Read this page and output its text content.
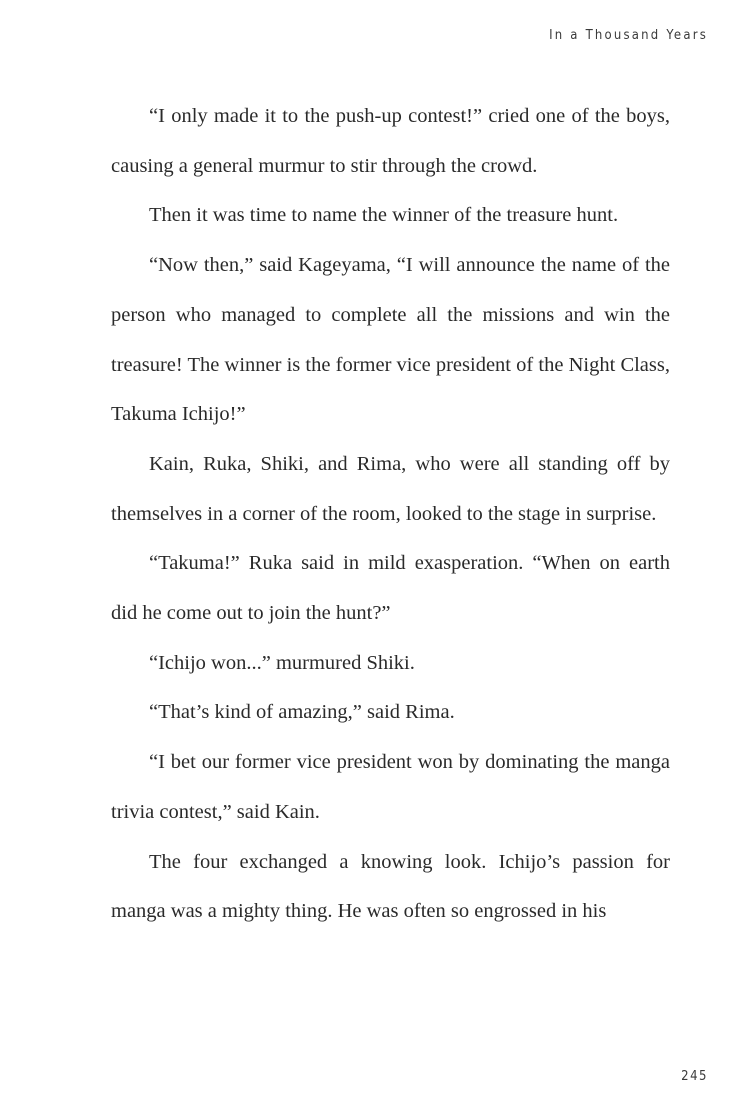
In a Thousand Years

“I only made it to the push-up contest!” cried one of the boys, causing a general murmur to stir through the crowd.

Then it was time to name the winner of the treasure hunt.

“Now then,” said Kageyama, “I will announce the name of the person who managed to complete all the missions and win the treasure! The winner is the former vice president of the Night Class, Takuma Ichijo!”

Kain, Ruka, Shiki, and Rima, who were all standing off by themselves in a corner of the room, looked to the stage in surprise.

“Takuma!” Ruka said in mild exasperation. “When on earth did he come out to join the hunt?”

“Ichijo won...” murmured Shiki.

“That’s kind of amazing,” said Rima.

“I bet our former vice president won by dominating the manga trivia contest,” said Kain.

The four exchanged a knowing look. Ichijo’s passion for manga was a mighty thing. He was often so engrossed in his

245
